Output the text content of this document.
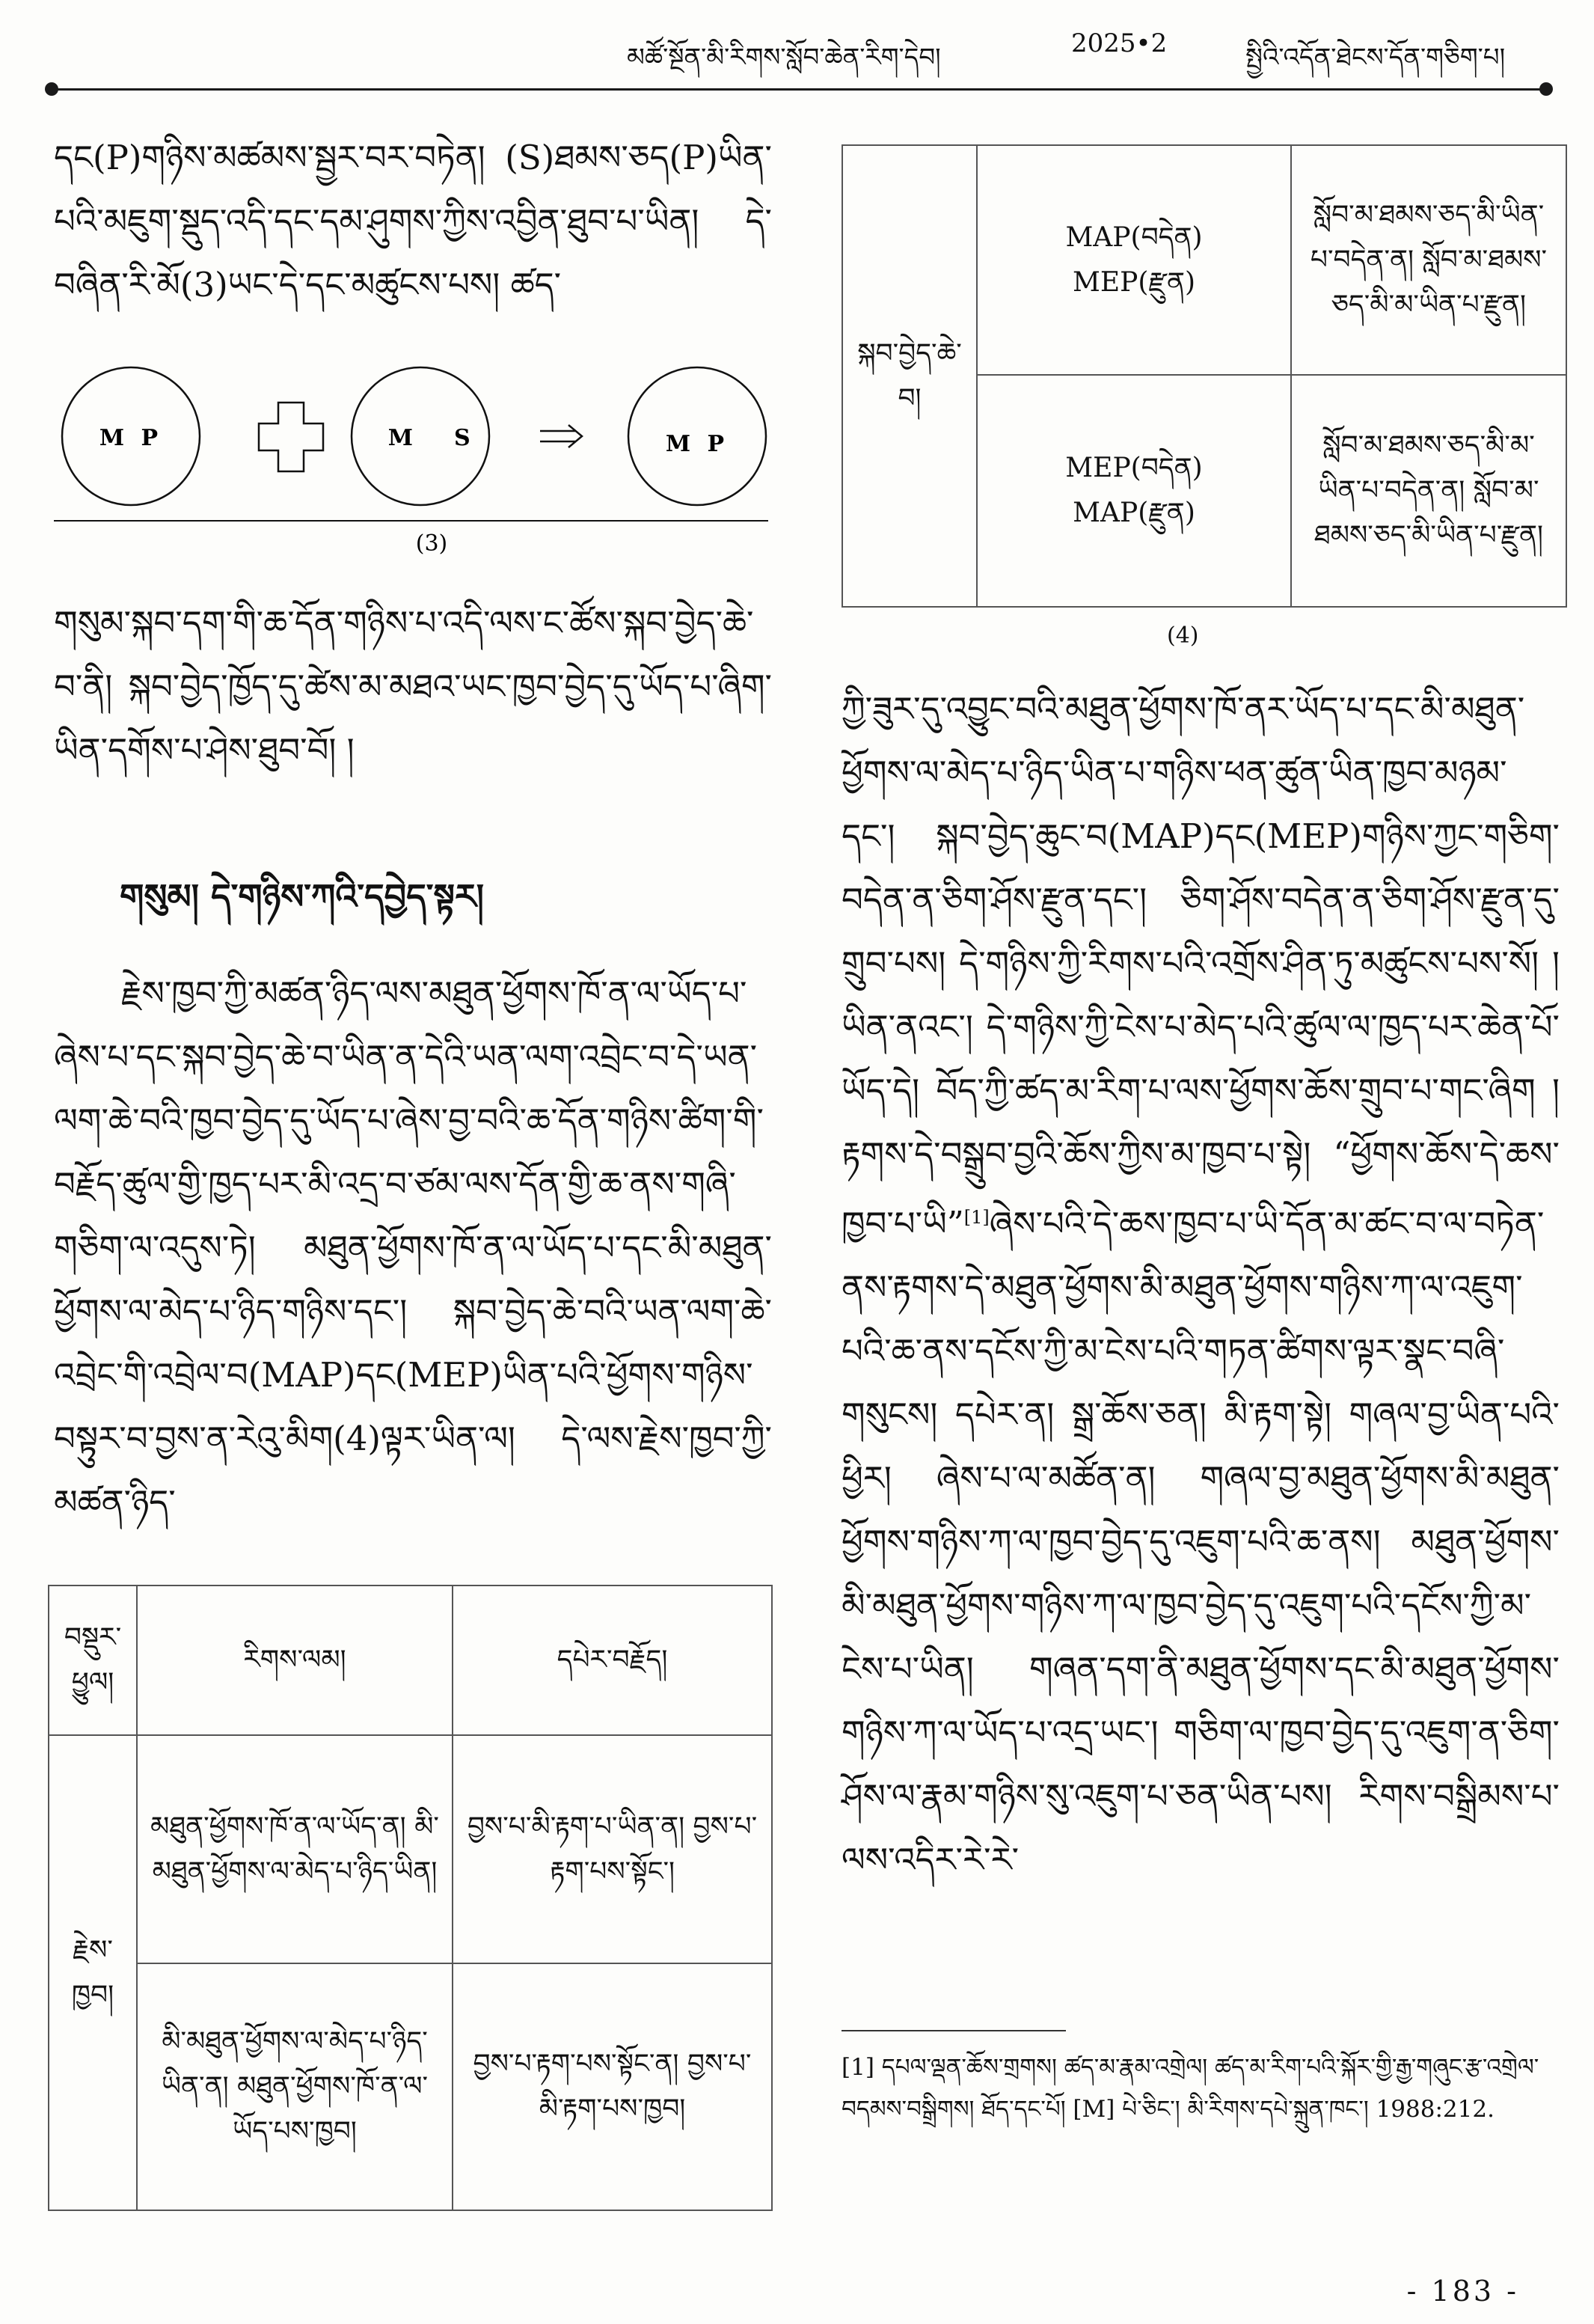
མཚོ་སྔོན་མི་རིགས་སློབ་ཆེན་རིག་དེབ།	2025•2	སྤྱིའི་འདོན་ཐེངས་དོན་གཅིག་པ།

དང(P)གཉིས་མཚམས་སྦྱར་བར་བཏེན། (S)ཐམས་ཅད(P)ཡིན་པའི་མཇུག་སྡུད་འདི་དང་དམ་ཤུགས་ཀྱིས་འབྱིན་ཐུབ་པ་ཡིན། དེ་བཞིན་རི་མོ(3)ཡང་དེ་དང་མཚུངས་པས། ཚད་

M P	M S	M P
(3)

གསུམ་སྐབ་དག་གི་ཆ་དོན་གཉིས་པ་འདི་ལས་ང་ཚོས་སྐབ་བྱེད་ཆེ་བ་ནི། སྐབ་བྱེད་ཁྱོད་དུ་ཚེས་མ་མཐའ་ཡང་ཁྱབ་བྱེད་དུ་ཡོད་པ་ཞིག་ཡིན་དགོས་པ་ཤེས་ཐུབ་བོ། །

གསུམ། དེ་གཉིས་ཀའི་དབྱེད་སྟར།

རྗེས་ཁྱབ་ཀྱི་མཚན་ཉིད་ལས་མཐུན་ཕྱོགས་ཁོ་ན་ལ་ཡོད་པ་ཞེས་པ་དང་སྐབ་བྱེད་ཆེ་བ་ཡིན་ན་དེའི་ཡན་ལག་འབྲེང་བ་དེ་ཡན་ལག་ཆེ་བའི་ཁྱབ་བྱེད་དུ་ཡོད་པ་ཞེས་བྱ་བའི་ཆ་དོན་གཉིས་ཚིག་གི་བརྗོད་ཚུལ་གྱི་ཁྱད་པར་མི་འདྲ་བ་ཙམ་ལས་དོན་གྱི་ཆ་ནས་གཞི་གཅིག་ལ་འདུས་ཏེ། མཐུན་ཕྱོགས་ཁོ་ན་ལ་ཡོད་པ་དང་མི་མཐུན་ཕྱོགས་ལ་མེད་པ་ཉིད་གཉིས་དང་། སྐབ་བྱེད་ཆེ་བའི་ཡན་ལག་ཆེ་འབྲེང་གི་འབྲེལ་བ(MAP)དང(MEP)ཡིན་པའི་ཕྱོགས་གཉིས་བསྟུར་བ་བྱས་ན་རེའུ་མིག(4)ལྟར་ཡིན་ལ། དེ་ལས་རྗེས་ཁྱབ་ཀྱི་མཚན་ཉིད་

བསྡུར་ཕྱུལ།	རིགས་ལམ།	དཔེར་བརྗོད།
རྗེས་ཁྱབ།	མཐུན་ཕྱོགས་ཁོ་ན་ལ་ཡོད་ན། མི་མཐུན་ཕྱོགས་ལ་མེད་པ་ཉིད་ཡིན།	བྱས་པ་མི་རྟག་པ་ཡིན་ན། བྱས་པ་རྟག་པས་སྟོང་།
	མི་མཐུན་ཕྱོགས་ལ་མེད་པ་ཉིད་ཡིན་ན། མཐུན་ཕྱོགས་ཁོ་ན་ལ་ཡོད་པས་ཁྱབ།	བྱས་པ་རྟག་པས་སྟོང་ན། བྱས་པ་མི་རྟག་པས་ཁྱབ།
སྐབ་བྱེད་ཆེ་བ།	MAP(བདེན)
MEP(རྫུན)	སློབ་མ་ཐམས་ཅད་མི་ཡིན་པ་བདེན་ན། སློབ་མ་ཐམས་ཅད་མི་མ་ཡིན་པ་རྫུན།

	MEP(བདེན)
MAP(རྫུན)	སློབ་མ་ཐམས་ཅད་མི་མ་ཡིན་པ་བདེན་ན། སློབ་མ་ཐམས་ཅད་མི་ཡིན་པ་རྫུན།
(4)

ཀྱི་ཟུར་དུ་འབྱུང་བའི་མཐུན་ཕྱོགས་ཁོ་ནར་ཡོད་པ་དང་མི་མཐུན་ཕྱོགས་ལ་མེད་པ་ཉིད་ཡིན་པ་གཉིས་ཕན་ཚུན་ཡིན་ཁྱབ་མཉམ་དང་། སྐབ་བྱེད་ཆུང་བ(MAP)དང(MEP)གཉིས་ཀྱང་གཅིག་བདེན་ན་ཅིག་ཤོས་རྫུན་དང་། ཅིག་ཤོས་བདེན་ན་ཅིག་ཤོས་རྫུན་དུ་གྲུབ་པས། དེ་གཉིས་ཀྱི་རིགས་པའི་འགྲོས་ཤིན་ཏུ་མཚུངས་པས་སོ། །ཡིན་ནའང་། དེ་གཉིས་ཀྱི་ངེས་པ་མེད་པའི་ཚུལ་ལ་ཁྱད་པར་ཆེན་པོ་ཡོད་དེ། བོད་ཀྱི་ཚད་མ་རིག་པ་ལས་ཕྱོགས་ཆོས་གྲུབ་པ་གང་ཞིག །རྟགས་དེ་བསྒྲུབ་བྱའི་ཆོས་ཀྱིས་མ་ཁྱབ་པ་སྟེ། “ཕྱོགས་ཆོས་དེ་ཆས་ཁྱབ་པ་ཡི”[1]ཞེས་པའི་དེ་ཆས་ཁྱབ་པ་ཡི་དོན་མ་ཚང་བ་ལ་བཏེན་ནས་རྟགས་དེ་མཐུན་ཕྱོགས་མི་མཐུན་ཕྱོགས་གཉིས་ཀ་ལ་འཇུག་པའི་ཆ་ནས་དངོས་ཀྱི་མ་ངེས་པའི་གཏན་ཚིགས་ལྟར་སྣང་བཞི་གསུངས། དཔེར་ན། སྒྲ་ཆོས་ཅན། མི་རྟག་སྟེ། གཞལ་བྱ་ཡིན་པའི་ཕྱིར། ཞེས་པ་ལ་མཚོན་ན། གཞལ་བྱ་མཐུན་ཕྱོགས་མི་མཐུན་ཕྱོགས་གཉིས་ཀ་ལ་ཁྱབ་བྱེད་དུ་འཇུག་པའི་ཆ་ནས། མཐུན་ཕྱོགས་མི་མཐུན་ཕྱོགས་གཉིས་ཀ་ལ་ཁྱབ་བྱེད་དུ་འཇུག་པའི་དངོས་ཀྱི་མ་ངེས་པ་ཡིན། གཞན་དག་ནི་མཐུན་ཕྱོགས་དང་མི་མཐུན་ཕྱོགས་གཉིས་ཀ་ལ་ཡོད་པ་འདྲ་ཡང་། གཅིག་ལ་ཁྱབ་བྱེད་དུ་འཇུག་ན་ཅིག་ཤོས་ལ་རྣམ་གཉིས་སུ་འཇུག་པ་ཅན་ཡིན་པས། རིགས་བསྒྲིམས་པ་ལས་འདིར་རེ་རེ་

[1] དཔལ་ལྡན་ཆོས་གྲགས། ཚད་མ་རྣམ་འགྲེལ། ཚད་མ་རིག་པའི་སྐོར་གྱི་རྒྱ་གཞུང་རྩ་འགྲེལ་བདམས་བསྒྲིགས། ཐོད་དང་པོ། [M] པེ་ཅིང་། མི་རིགས་དཔེ་སྐྲུན་ཁང་། 1988:212.

- 183 -
